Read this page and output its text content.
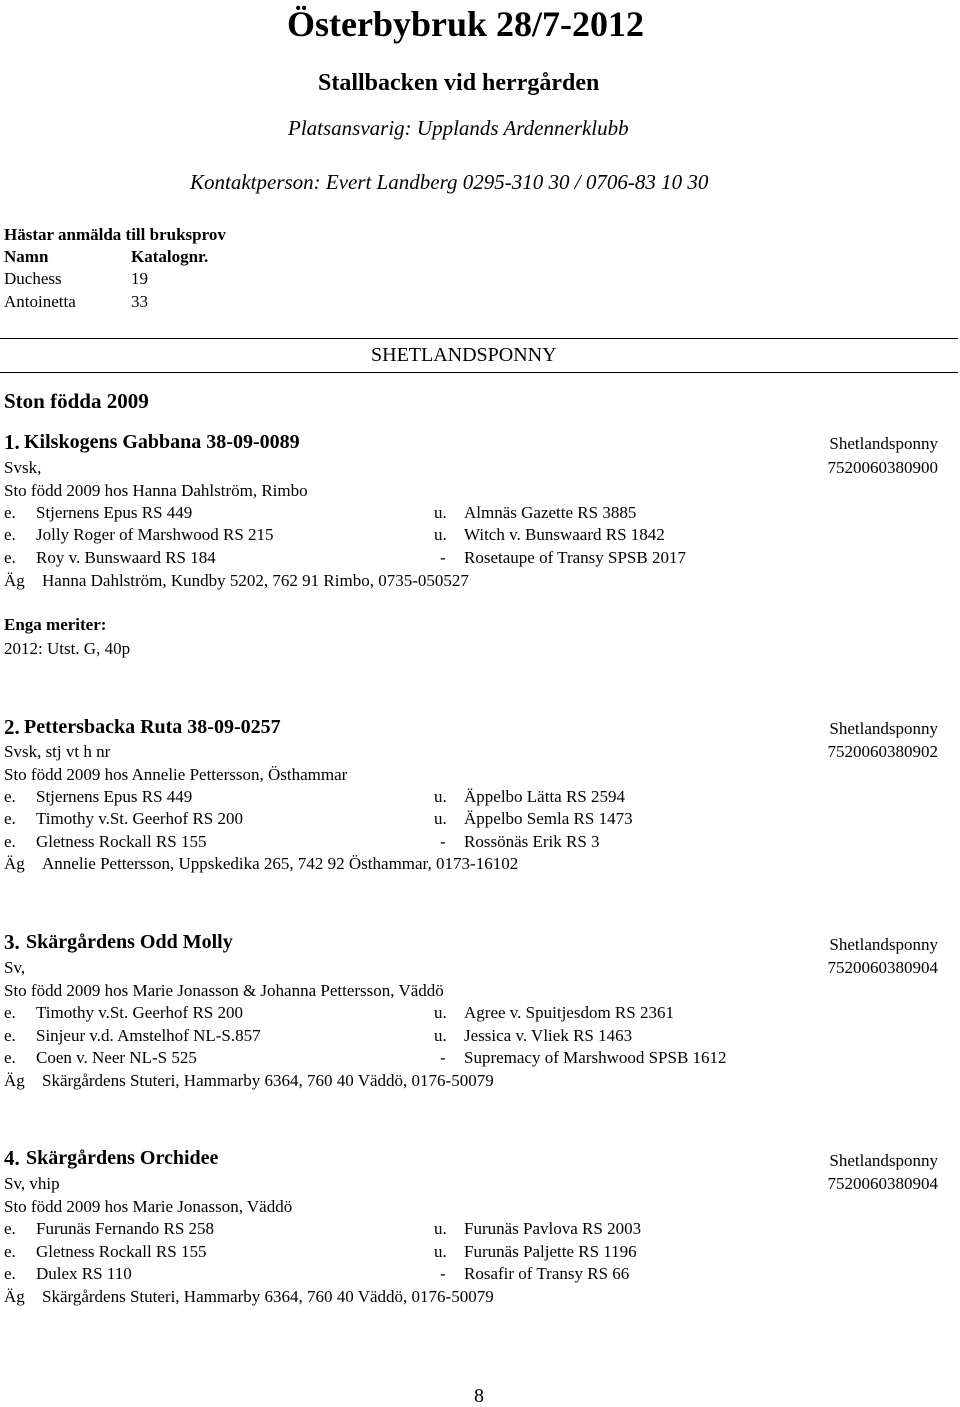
Österbybruk 28/7-2012
Stallbacken vid herrgården
Platsansvarig: Upplands Ardennerklubb
Kontaktperson: Evert Landberg 0295-310 30 / 0706-83 10 30
Hästar anmälda till bruksprov
Namn	Katalognr.
Duchess	19
Antoinetta	33
SHETLANDSPONNY
Ston födda 2009
1. Kilskogens Gabbana 38-09-0089	Shetlandsponny
Svsk,	7520060380900
Sto född 2009 hos Hanna Dahlström, Rimbo
e. Stjernens Epus RS 449	u. Almnäs Gazette RS 3885
e. Jolly Roger of Marshwood RS 215	u. Witch v. Bunswaard RS 1842
e. Roy v. Bunswaard RS 184	- Rosetaupe of Transy SPSB 2017
Äg Hanna Dahlström, Kundby 5202, 762 91 Rimbo, 0735-050527
Enga meriter:
2012: Utst. G, 40p
2. Pettersbacka Ruta 38-09-0257	Shetlandsponny
Svsk, stj vt h nr	7520060380902
Sto född 2009 hos Annelie Pettersson, Östhammar
e. Stjernens Epus RS 449	u. Äppelbo Lätta RS 2594
e. Timothy v.St. Geerhof RS 200	u. Äppelbo Semla RS 1473
e. Gletness Rockall RS 155	- Rossönäs Erik RS 3
Äg Annelie Pettersson, Uppskedika 265, 742 92 Östhammar, 0173-16102
3. Skärgårdens Odd Molly	Shetlandsponny
Sv,	7520060380904
Sto född 2009 hos Marie Jonasson & Johanna Pettersson, Väddö
e. Timothy v.St. Geerhof RS 200	u. Agree v. Spuitjesdom RS 2361
e. Sinjeur v.d. Amstelhof NL-S.857	u. Jessica v. Vliek RS 1463
e. Coen v. Neer NL-S 525	- Supremacy of Marshwood SPSB 1612
Äg Skärgårdens Stuteri, Hammarby 6364, 760 40 Väddö, 0176-50079
4. Skärgårdens Orchidee	Shetlandsponny
Sv, vhip	7520060380904
Sto född 2009 hos Marie Jonasson, Väddö
e. Furunäs Fernando RS 258	u. Furunäs Pavlova RS 2003
e. Gletness Rockall RS 155	u. Furunäs Paljette RS 1196
e. Dulex RS 110	- Rosafir of Transy RS 66
Äg Skärgårdens Stuteri, Hammarby 6364, 760 40 Väddö, 0176-50079
8
